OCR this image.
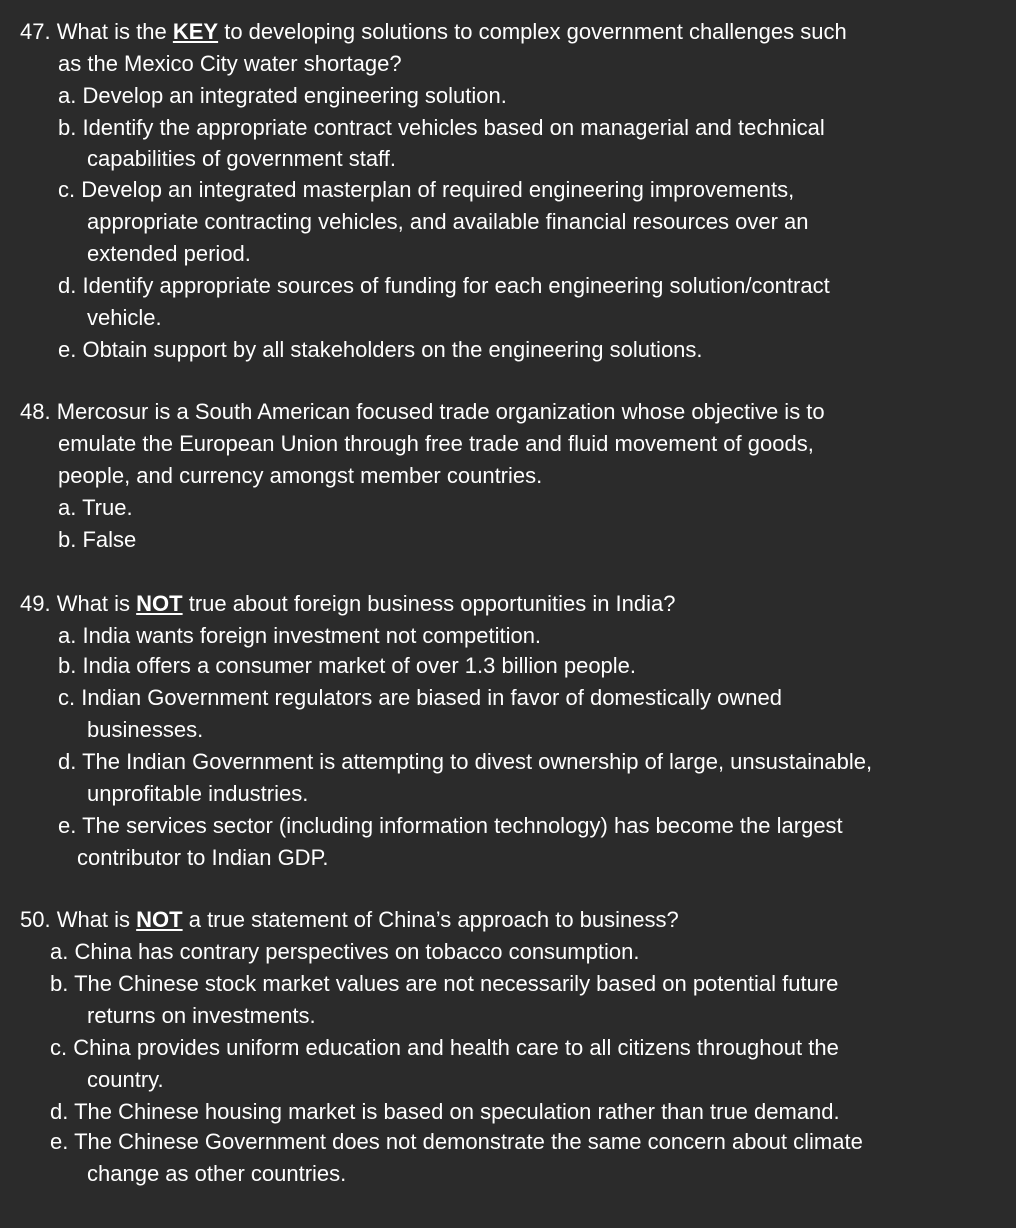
47. What is the KEY to developing solutions to complex government challenges such
as the Mexico City water shortage?
a. Develop an integrated engineering solution.
b. Identify the appropriate contract vehicles based on managerial and technical
capabilities of government staff.
c. Develop an integrated masterplan of required engineering improvements,
appropriate contracting vehicles, and available financial resources over an
extended period.
d. Identify appropriate sources of funding for each engineering solution/contract
vehicle.
e. Obtain support by all stakeholders on the engineering solutions.
48. Mercosur is a South American focused trade organization whose objective is to
emulate the European Union through free trade and fluid movement of goods,
people, and currency amongst member countries.
a. True.
b. False
49. What is NOT true about foreign business opportunities in India?
a. India wants foreign investment not competition.
b. India offers a consumer market of over 1.3 billion people.
c. Indian Government regulators are biased in favor of domestically owned
businesses.
d. The Indian Government is attempting to divest ownership of large, unsustainable,
unprofitable industries.
e. The services sector (including information technology) has become the largest
contributor to Indian GDP.
50. What is NOT a true statement of China’s approach to business?
a. China has contrary perspectives on tobacco consumption.
b. The Chinese stock market values are not necessarily based on potential future
returns on investments.
c. China provides uniform education and health care to all citizens throughout the
country.
d. The Chinese housing market is based on speculation rather than true demand.
e. The Chinese Government does not demonstrate the same concern about climate
change as other countries.
